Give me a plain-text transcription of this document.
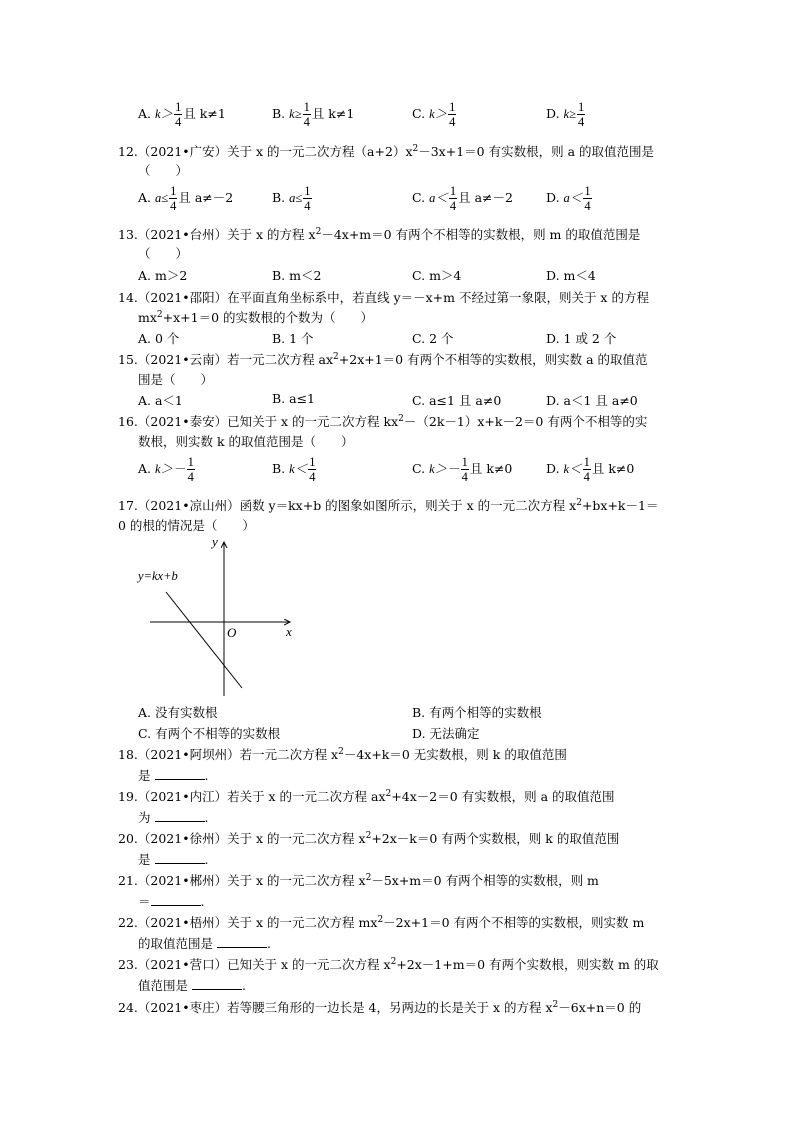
A. $k> \frac{1}{4}$ 且 k≠1	B. $k\ge \frac{1}{4}$ 且 k≠1	C. $k> \frac{1}{4}$	D. $k\ge \frac{1}{4}$
12.（2021•广安）关于 x 的一元二次方程$(a+2)x^2-3x+1=0$ 有实数根，则 a 的取值范围是
（　　）
A. $a\le \frac{1}{4}$ 且 a≠－2	B. $a\le \frac{1}{4}$	C. $a< \frac{1}{4}$ 且 a≠－2	D. $a< \frac{1}{4}$
13.（2021•台州）关于 x 的方程 $x^2-4x+m=0$ 有两个不相等的实数根，则 m 的取值范围是
（　　）
A. m＞2	B. m＜2	C. m＞4	D. m＜4
14.（2021•邵阳）在平面直角坐标系中，若直线 y＝－x+m 不经过第一象限，则关于 x 的方程
$mx^2+x+1=0$ 的实数根的个数为（　　）
A. 0 个	B. 1 个	C. 2 个	D. 1 或 2 个
15.（2021•云南）若一元二次方程 $ax^2+2x+1=0$ 有两个不相等的实数根，则实数 a 的取值范
围是（　　）
A. a＜1	B. a≤1	C. a≤1 且 a≠0	D. a＜1 且 a≠0
16.（2021•泰安）已知关于 x 的一元二次方程 $kx^2-(2k-1)x+k-2=0$ 有两个不相等的实
数根，则实数 k 的取值范围是（　　）
A. $k>- \frac{1}{4}$	B. $k< \frac{1}{4}$	C. $k>- \frac{1}{4}$ 且 k≠0	D. $k< \frac{1}{4}$ 且 k≠0
17.（2021•凉山州）函数 y＝kx+b 的图象如图所示，则关于 x 的一元二次方程 $x^2+bx+k-1=$
0 的根的情况是（　　）
y
x
O
y=kx+b
A. 没有实数根	B. 有两个相等的实数根
C. 有两个不相等的实数根	D. 无法确定
18.（2021•阿坝州）若一元二次方程 $x^2-4x+k=0$ 无实数根，则 k 的取值范围
是	.
19.（2021•内江）若关于 x 的一元二次方程 $ax^2+4x-2=0$ 有实数根，则 a 的取值范围
为	.
20.（2021•徐州）关于 x 的一元二次方程 $x^2+2x-k=0$ 有两个实数根，则 k 的取值范围
是	.
21.（2021•郴州）关于 x 的一元二次方程 $x^2-5x+m=0$ 有两个相等的实数根，则 m
＝	.
22.（2021•梧州）关于 x 的一元二次方程 $mx^2-2x+1=0$ 有两个不相等的实数根，则实数 m
的取值范围是	.
23.（2021•营口）已知关于 x 的一元二次方程 $x^2+2x-1+m=0$ 有两个实数根，则实数 m 的取
值范围是	.
24.（2021•枣庄）若等腰三角形的一边长是 4，另两边的长是关于 x 的方程 $x^2-6x+n=0$ 的
